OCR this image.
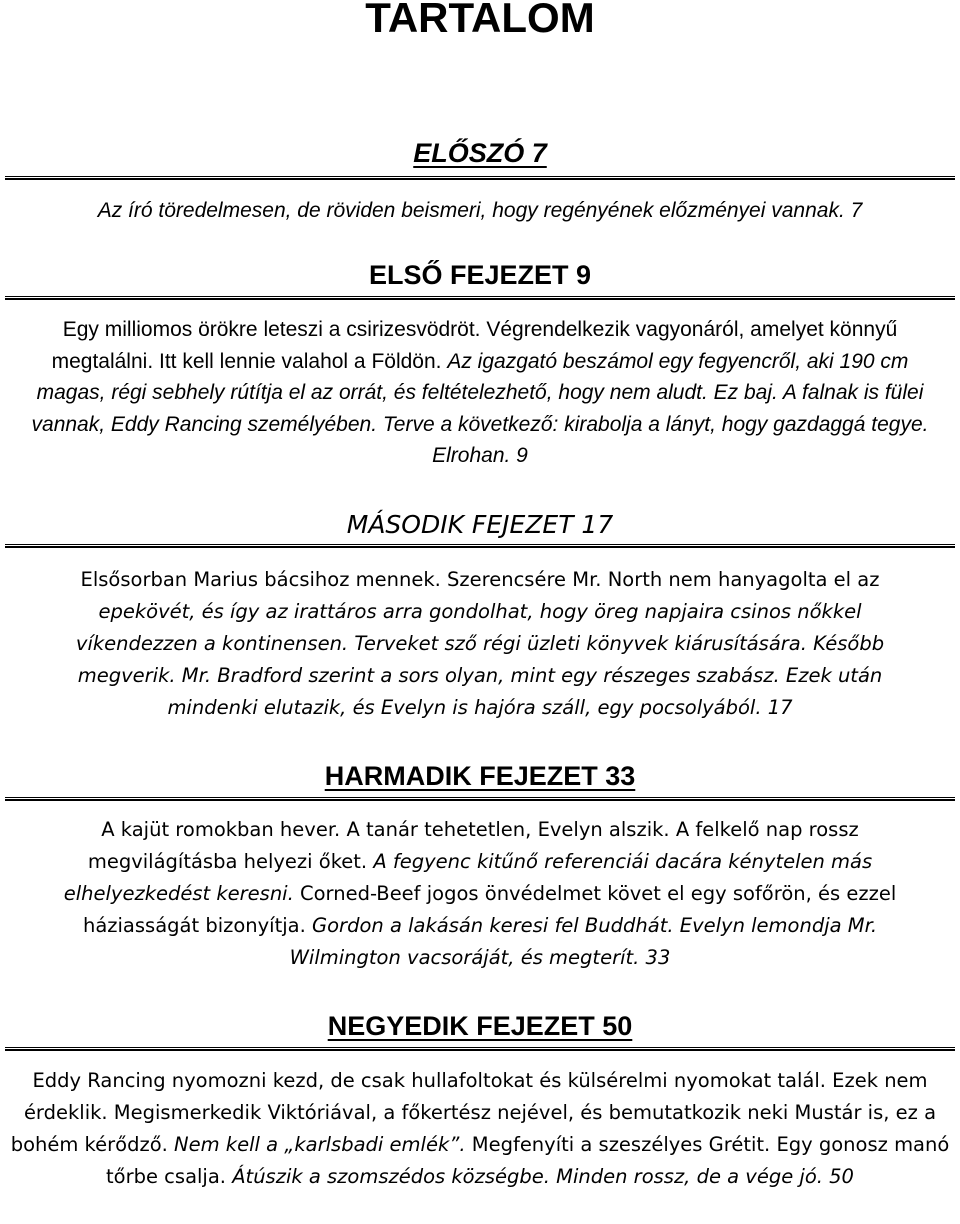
TARTALOM
ELŐSZÓ 7

Az író töredelmesen, de röviden beismeri, hogy regényének előzményei vannak. 7

ELSŐ FEJEZET 9

Egy milliomos örökre leteszi a csirizesvödröt. Végrendelkezik vagyonáról, amelyet könnyű megtalálni. Itt kell lennie valahol a Földön. Az igazgató beszámol egy fegyencről, aki 190 cm magas, régi sebhely rútítja el az orrát, és feltételezhető, hogy nem aludt. Ez baj. A falnak is fülei vannak, Eddy Rancing személyében. Terve a következő: kirabolja a lányt, hogy gazdaggá tegye. Elrohan. 9

MÁSODIK FEJEZET 17

Elsősorban Marius bácsihoz mennek. Szerencsére Mr. North nem hanyagolta el az epekövét, és így az irattáros arra gondolhat, hogy öreg napjaira csinos nőkkel víkendezzen a kontinensen. Terveket sző régi üzleti könyvek kiárusítására. Később megverik. Mr. Bradford szerint a sors olyan, mint egy részeges szabász. Ezek után mindenki elutazik, és Evelyn is hajóra száll, egy pocsolyából. 17

HARMADIK FEJEZET 33

A kajüt romokban hever. A tanár tehetetlen, Evelyn alszik. A felkelő nap rossz megvilágításba helyezi őket. A fegyenc kitűnő referenciái dacára kénytelen más elhelyezkedést keresni. Corned-Beef jogos önvédelmet követ el egy sofőrön, és ezzel háziasságát bizonyítja. Gordon a lakásán keresi fel Buddhát. Evelyn lemondja Mr. Wilmington vacsoráját, és megterít. 33

NEGYEDIK FEJEZET 50

Eddy Rancing nyomozni kezd, de csak hullafoltokat és külsérelmi nyomokat talál. Ezek nem érdeklik. Megismerkedik Viktóriával, a főkertész nejével, és bemutatkozik neki Mustár is, ez a bohém kérődző. Nem kell a „karlsbadi emlék”. Megfenyíti a szeszélyes Grétit. Egy gonosz manó tőrbe csalja. Átúszik a szomszédos községbe. Minden rossz, de a vége jó. 50
